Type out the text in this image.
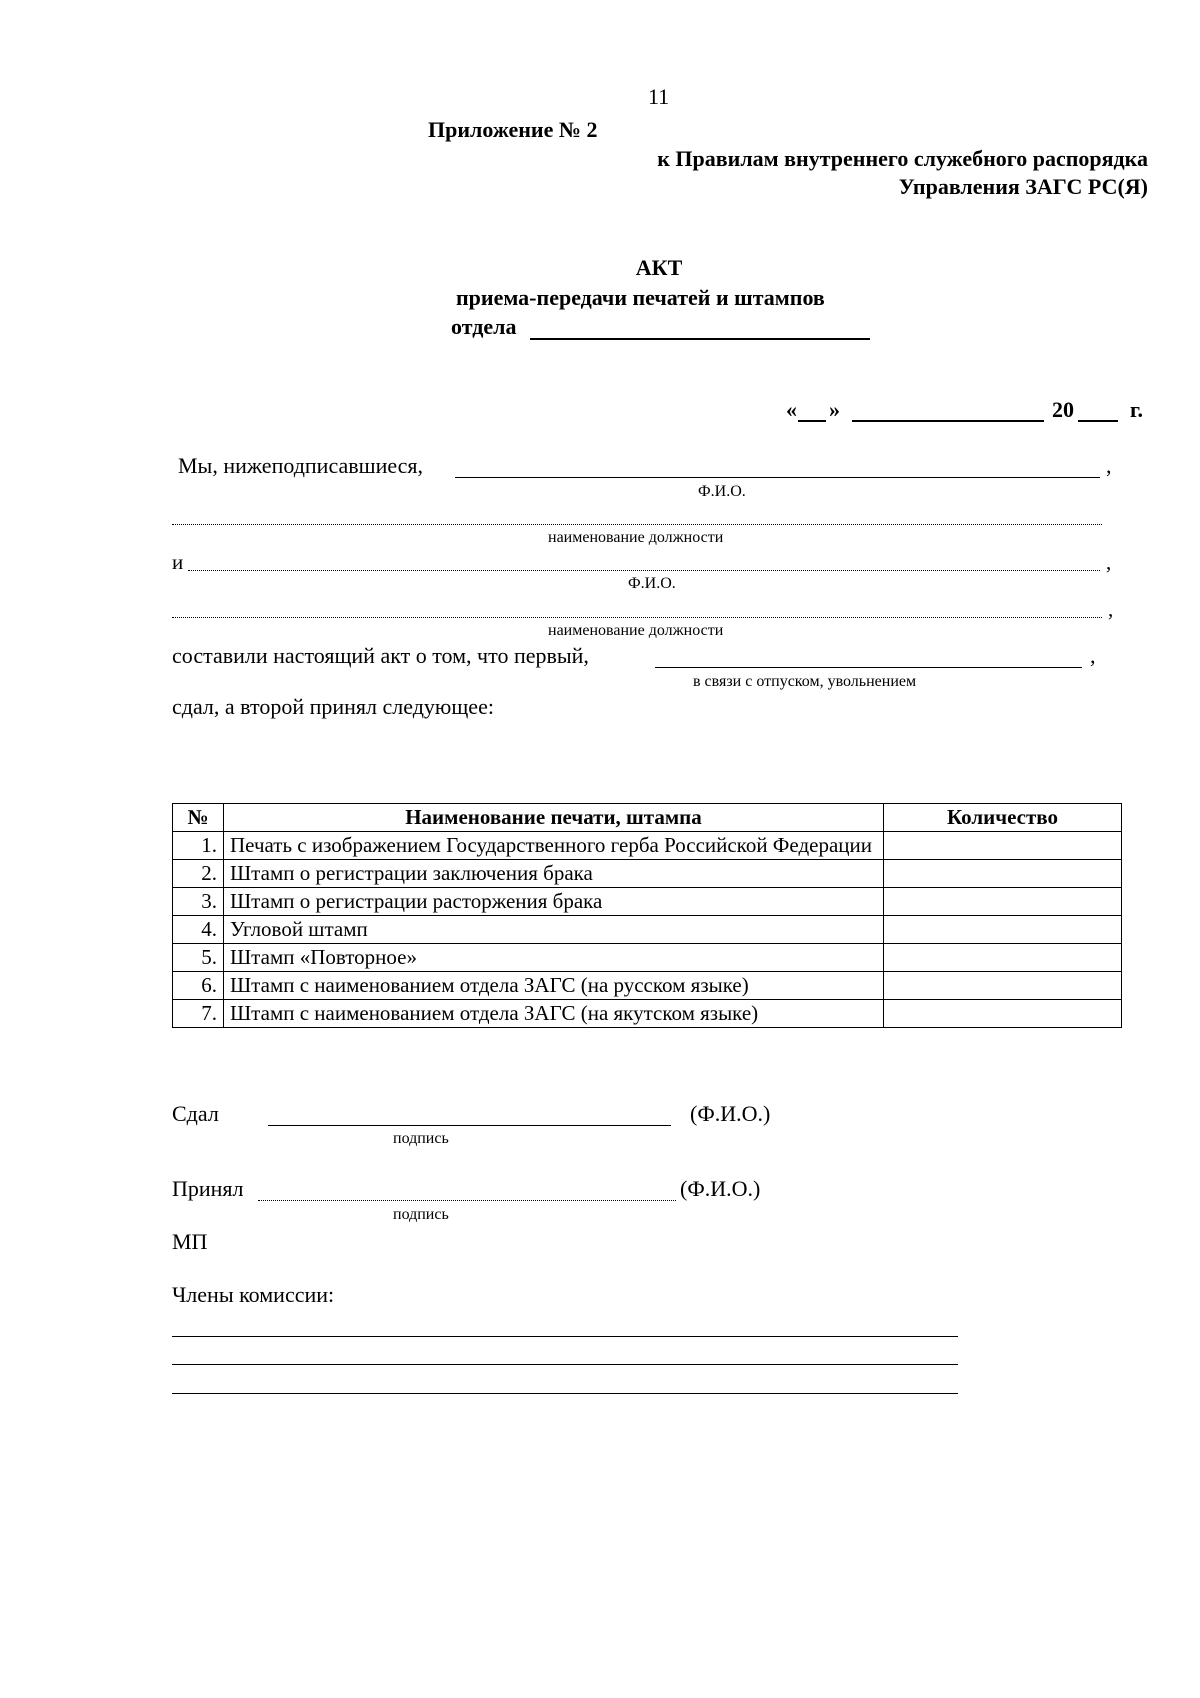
11
Приложение № 2
к Правилам внутреннего служебного распорядка
Управления ЗАГС РС(Я)
АКТ
приема-передачи печатей и штампов
отдела
« »	20	г.
Мы, нижеподписавшиеся,	,
Ф.И.О.
наименование должности
и	,
Ф.И.О.
,
наименование должности
составили настоящий акт о том, что первый,	,
в связи с отпуском, увольнением
сдал, а второй принял следующее:
№	Наименование печати, штампа	Количество
1.	Печать с изображением Государственного герба Российской Федерации	
2.	Штамп о регистрации заключения брака	
3.	Штамп о регистрации расторжения брака	
4.	Угловой штамп	
5.	Штамп «Повторное»	
6.	Штамп с наименованием отдела ЗАГС (на русском языке)	
7.	Штамп с наименованием отдела ЗАГС (на якутском языке)	
Сдал	(Ф.И.О.)
подпись
Принял	(Ф.И.О.)
подпись
МП
Члены комиссии:
